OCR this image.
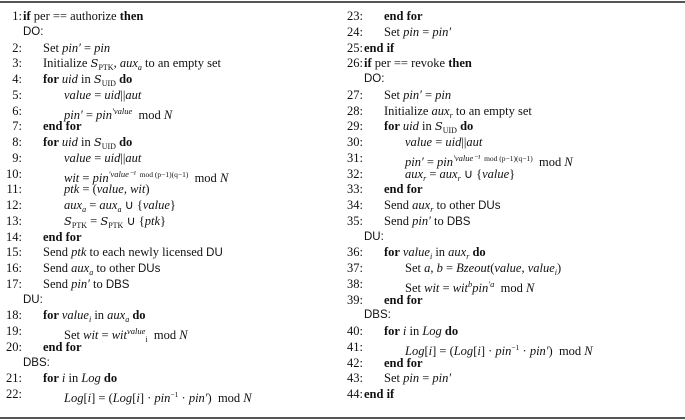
1: if per == authorize then
DO:
2: Set pin′ = pin
3: Initialize $S_{PTK}$, aux$_a$ to an empty set
4: for uid in $S_{UID}$ do
5:	value = uid||aut
6:	pin′ = pin$^{'value}$  mod N
7: end for
8: for uid in $S_{UID}$ do
9:	value = uid||aut
10:	wit = pin$^{'value^{-1}}$  $^{mod (p-1)(q-1)}$  mod N
11:	ptk = (value, wit)
12:	aux$_a$ = aux$_a$ ∪ {value}
13:	$S_{PTK} = S_{PTK}$ ∪ {ptk}
14: end for
15: Send ptk to each newly licensed DU
16: Send aux$_a$ to other DUs
17: Send pin′ to DBS
DU:
18: for value$_i$ in aux$_a$ do
19:	Set wit = wit$^{value}_i$  mod N
20: end for
DBS:
21: for i in Log do
22:	Log[i] = (Log[i] · pin$^{-1}$ · pin′)  mod N
23: end for
24: Set pin = pin′
25: end if
26: if per == revoke then
DO:
27: Set pin′ = pin
28: Initialize aux$_r$ to an empty set
29: for uid in $S_{UID}$ do
30:	value = uid||aut
31:	pin′ = pin$^{'value^{-1}}$  $^{mod (p-1)(q-1)}$  mod N
32:	aux$_r$ = aux$_r$ ∪ {value}
33: end for
34: Send aux$_r$ to other DUs
35: Send pin′ to DBS
DU:
36: for value$_i$ in aux$_r$ do
37:	Set a, b = Bzeout(value, value$_i$)
38:	Set wit = wit$^b$pin$^{'a}$  mod N
39: end for
DBS:
40: for i in Log do
41:	Log[i] = (Log[i] · pin$^{-1}$ · pin′)  mod N
42: end for
43: Set pin = pin′
44: end if
